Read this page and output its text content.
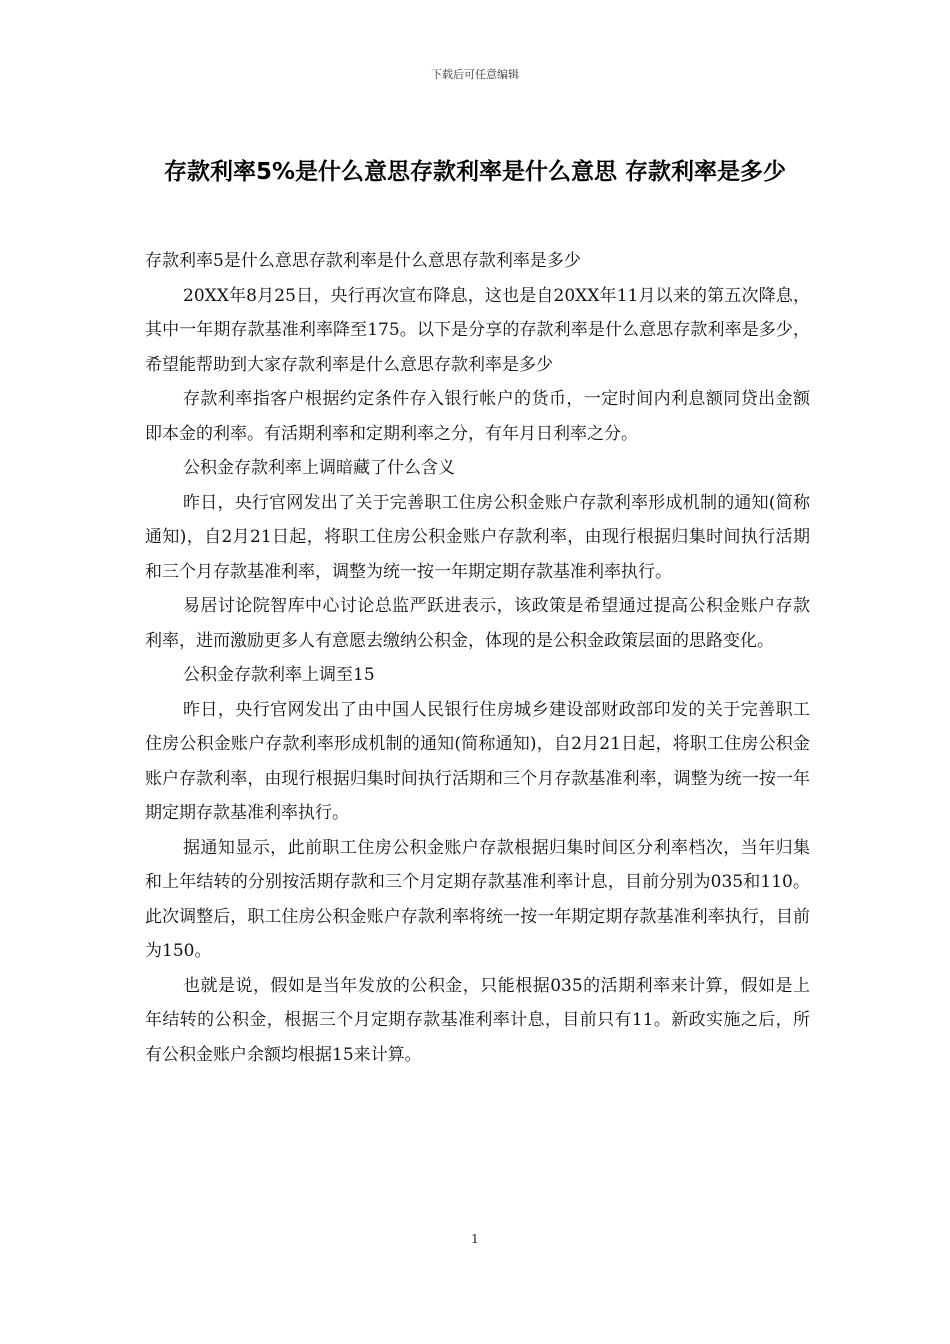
下载后可任意编辑
存款利率5%是什么意思存款利率是什么意思 存款利率是多少

存款利率5是什么意思存款利率是什么意思存款利率是多少

20XX年8月25日，央行再次宣布降息，这也是自20XX年11月以来的第五次降息，其中一年期存款基准利率降至175。以下是分享的存款利率是什么意思存款利率是多少，希望能帮助到大家存款利率是什么意思存款利率是多少

存款利率指客户根据约定条件存入银行帐户的货币，一定时间内利息额同贷出金额即本金的利率。有活期利率和定期利率之分，有年月日利率之分。

公积金存款利率上调暗藏了什么含义

昨日，央行官网发出了关于完善职工住房公积金账户存款利率形成机制的通知(简称通知)，自2月21日起，将职工住房公积金账户存款利率，由现行根据归集时间执行活期和三个月存款基准利率，调整为统一按一年期定期存款基准利率执行。

易居讨论院智库中心讨论总监严跃进表示，该政策是希望通过提高公积金账户存款利率，进而激励更多人有意愿去缴纳公积金，体现的是公积金政策层面的思路变化。

公积金存款利率上调至15

昨日，央行官网发出了由中国人民银行住房城乡建设部财政部印发的关于完善职工住房公积金账户存款利率形成机制的通知(简称通知)，自2月21日起，将职工住房公积金账户存款利率，由现行根据归集时间执行活期和三个月存款基准利率，调整为统一按一年期定期存款基准利率执行。

据通知显示，此前职工住房公积金账户存款根据归集时间区分利率档次，当年归集和上年结转的分别按活期存款和三个月定期存款基准利率计息，目前分别为035和110。此次调整后，职工住房公积金账户存款利率将统一按一年期定期存款基准利率执行，目前为150。

也就是说，假如是当年发放的公积金，只能根据035的活期利率来计算，假如是上年结转的公积金，根据三个月定期存款基准利率计息，目前只有11。新政实施之后，所有公积金账户余额均根据15来计算。

1
